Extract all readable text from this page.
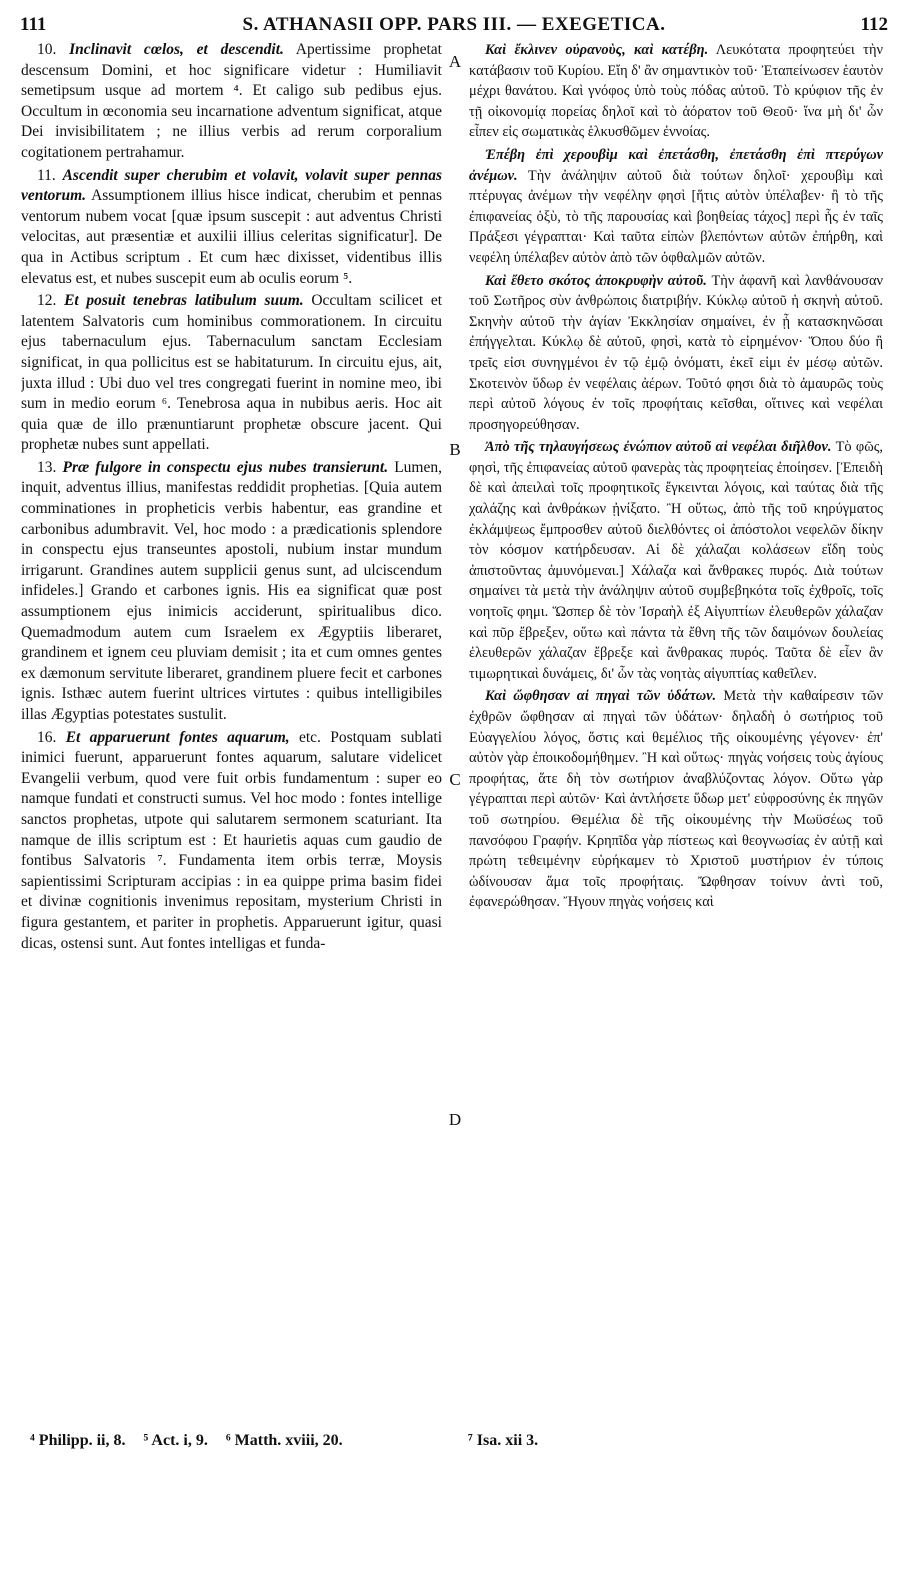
111	S. ATHANASII OPP. PARS III. — EXEGETICA.	112

10. Inclinavit cœlos, et descendit. Apertissime prophetat descensum Domini, et hoc significare videtur : Humiliavit semetipsum usque ad mortem ⁴. Et caligo sub pedibus ejus. Occultum in œconomia seu incarnatione adventum significat, atque Dei invisibilitatem ; ne illius verbis ad rerum corporalium cogitationem pertrahamur.

11. Ascendit super cherubim et volavit, volavit super pennas ventorum. Assumptionem illius hisce indicat, cherubim et pennas ventorum nubem vocat [quæ ipsum suscepit : aut adventus Christi velocitas, aut præsentiæ et auxilii illius celeritas significatur]. De qua in Actibus scriptum . Et cum hæc dixisset, videntibus illis elevatus est, et nubes suscepit eum ab oculis eorum ⁵.

12. Et posuit tenebras latibulum suum. Occultam scilicet et latentem Salvatoris cum hominibus commorationem. In circuitu ejus tabernaculum ejus. Tabernaculum sanctam Ecclesiam significat, in qua pollicitus est se habitaturum. In circuitu ejus, ait, juxta illud : Ubi duo vel tres congregati fuerint in nomine meo, ibi sum in medio eorum ⁶. Tenebrosa aqua in nubibus aeris. Hoc ait quia quæ de illo prænuntiarunt prophetæ obscure jacent. Qui prophetæ nubes sunt appellati.

13. Præ fulgore in conspectu ejus nubes transierunt. Lumen, inquit, adventus illius, manifestas reddidit prophetias. [Quia autem comminationes in propheticis verbis habentur, eas grandine et carbonibus adumbravit. Vel, hoc modo : a prædicationis splendore in conspectu ejus transeuntes apostoli, nubium instar mundum irrigarunt. Grandines autem supplicii genus sunt, ad ulciscendum infideles.] Grando et carbones ignis. His ea significat quæ post assumptionem ejus inimicis acciderunt, spiritualibus dico. Quemadmodum autem cum Israelem ex Ægyptiis liberaret, grandinem et ignem ceu pluviam demisit ; ita et cum omnes gentes ex dæmonum servitute liberaret, grandinem pluere fecit et carbones ignis. Isthæc autem fuerint ultrices virtutes : quibus intelligibiles illas Ægyptias potestates sustulit.

16. Et apparuerunt fontes aquarum, etc. Postquam sublati inimici fuerunt, apparuerunt fontes aquarum, salutare videlicet Evangelii verbum, quod vere fuit orbis fundamentum : super eo namque fundati et constructi sumus. Vel hoc modo : fontes intellige sanctos prophetas, utpote qui salutarem sermonem scaturiant. Ita namque de illis scriptum est : Et haurietis aquas cum gaudio de fontibus Salvatoris ⁷. Fundamenta item orbis terræ, Moysis sapientissimi Scripturam accipias : in ea quippe prima basim fidei et divinæ cognitionis invenimus repositam, mysterium Christi in figura gestantem, et pariter in prophetis. Apparuerunt igitur, quasi dicas, ostensi sunt. Aut fontes intelligas et funda-

A
B
C
D

Καὶ ἔκλινεν οὐρανοὺς, καὶ κατέβη. Λευκότατα προφητεύει τὴν κατάβασιν τοῦ Κυρίου. Εἴη δ' ἂν σημαντικὸν τοῦ· Ἐταπείνωσεν ἑαυτὸν μέχρι θανάτου. Καὶ γνόφος ὑπὸ τοὺς πόδας αὐτοῦ. Τὸ κρύφιον τῆς ἐν τῇ οἰκονομίᾳ πορείας δηλοῖ καὶ τὸ ἀόρατον τοῦ Θεοῦ· ἵνα μὴ δι' ὧν εἶπεν εἰς σωματικὰς ἑλκυσθῶμεν ἐννοίας.

Ἐπέβη ἐπὶ χερουβὶμ καὶ ἐπετάσθη, ἐπετάσθη ἐπὶ πτερύγων ἀνέμων. Τὴν ἀνάληψιν αὐτοῦ διὰ τούτων δηλοῖ· χερουβὶμ καὶ πτέρυγας ἀνέμων τὴν νεφέλην φησὶ [ἥτις αὐτὸν ὑπέλαβεν· ἢ τὸ τῆς ἐπιφανείας ὀξὺ, τὸ τῆς παρουσίας καὶ βοηθείας τάχος] περὶ ἧς ἐν ταῖς Πράξεσι γέγραπται· Καὶ ταῦτα εἰπὼν βλεπόντων αὐτῶν ἐπήρθη, καὶ νεφέλη ὑπέλαβεν αὐτὸν ἀπὸ τῶν ὀφθαλμῶν αὐτῶν.

Καὶ ἔθετο σκότος ἀποκρυφὴν αὐτοῦ. Τὴν ἀφανῆ καὶ λανθάνουσαν τοῦ Σωτῆρος σὺν ἀνθρώποις διατριβήν. Κύκλῳ αὐτοῦ ἡ σκηνὴ αὐτοῦ. Σκηνὴν αὐτοῦ τὴν ἁγίαν Ἐκκλησίαν σημαίνει, ἐν ᾗ κατασκηνῶσαι ἐπήγγελται. Κύκλῳ δὲ αὐτοῦ, φησὶ, κατὰ τὸ εἰρημένον· Ὅπου δύο ἢ τρεῖς εἰσι συνηγμένοι ἐν τῷ ἐμῷ ὀνόματι, ἐκεῖ εἰμι ἐν μέσῳ αὐτῶν. Σκοτεινὸν ὕδωρ ἐν νεφέλαις ἀέρων. Τοῦτό φησι διὰ τὸ ἀμαυρῶς τοὺς περὶ αὐτοῦ λόγους ἐν τοῖς προφήταις κεῖσθαι, οἵτινες καὶ νεφέλαι προσηγορεύθησαν.

Ἀπὸ τῆς τηλαυγήσεως ἐνώπιον αὐτοῦ αἱ νεφέλαι διῆλθον. Τὸ φῶς, φησὶ, τῆς ἐπιφανείας αὐτοῦ φανερὰς τὰς προφητείας ἐποίησεν. [Ἐπειδὴ δὲ καὶ ἀπειλαὶ τοῖς προφητικοῖς ἔγκεινται λόγοις, καὶ ταύτας διὰ τῆς χαλάζης καὶ ἀνθράκων ᾐνίξατο. Ἢ οὕτως, ἀπὸ τῆς τοῦ κηρύγματος ἐκλάμψεως ἔμπροσθεν αὐτοῦ διελθόντες οἱ ἀπόστολοι νεφελῶν δίκην τὸν κόσμον κατήρδευσαν. Αἱ δὲ χάλαζαι κολάσεων εἴδη τοὺς ἀπιστοῦντας ἀμυνόμεναι.] Χάλαζα καὶ ἄνθρακες πυρός. Διὰ τούτων σημαίνει τὰ μετὰ τὴν ἀνάληψιν αὐτοῦ συμβεβηκότα τοῖς ἐχθροῖς, τοῖς νοητοῖς φημι. Ὥσπερ δὲ τὸν Ἰσραὴλ ἐξ Αἰγυπτίων ἐλευθερῶν χάλαζαν καὶ πῦρ ἔβρεξεν, οὕτω καὶ πάντα τὰ ἔθνη τῆς τῶν δαιμόνων δουλείας ἐλευθερῶν χάλαζαν ἔβρεξε καὶ ἄνθρακας πυρός. Ταῦτα δὲ εἶεν ἂν τιμωρητικαὶ δυνάμεις, δι' ὧν τὰς νοητὰς αἰγυπτίας καθεῖλεν.

Καὶ ὤφθησαν αἱ πηγαὶ τῶν ὑδάτων. Μετὰ τὴν καθαίρεσιν τῶν ἐχθρῶν ὤφθησαν αἱ πηγαὶ τῶν ὑδάτων· δηλαδὴ ὁ σωτήριος τοῦ Εὐαγγελίου λόγος, ὅστις καὶ θεμέλιος τῆς οἰκουμένης γέγονεν· ἐπ' αὐτὸν γὰρ ἐποικοδομήθημεν. Ἢ καὶ οὕτως· πηγὰς νοήσεις τοὺς ἁγίους προφήτας, ἅτε δὴ τὸν σωτήριον ἀναβλύζοντας λόγον. Οὕτω γὰρ γέγραπται περὶ αὐτῶν· Καὶ ἀντλήσετε ὕδωρ μετ' εὐφροσύνης ἐκ πηγῶν τοῦ σωτηρίου. Θεμέλια δὲ τῆς οἰκουμένης τὴν Μωϋσέως τοῦ πανσόφου Γραφήν. Κρηπῖδα γὰρ πίστεως καὶ θεογνωσίας ἐν αὐτῇ καὶ πρώτη τεθειμένην εὑρήκαμεν τὸ Χριστοῦ μυστήριον ἐν τύποις ὠδίνουσαν ἅμα τοῖς προφήταις. Ὤφθησαν τοίνυν ἀντὶ τοῦ, ἐφανερώθησαν. Ἤγουν πηγὰς νοήσεις καὶ

⁴ Philipp. ii, 8. ⁵ Act. i, 9. ⁶ Matth. xviii, 20.	⁷ Isa. xii 3.
